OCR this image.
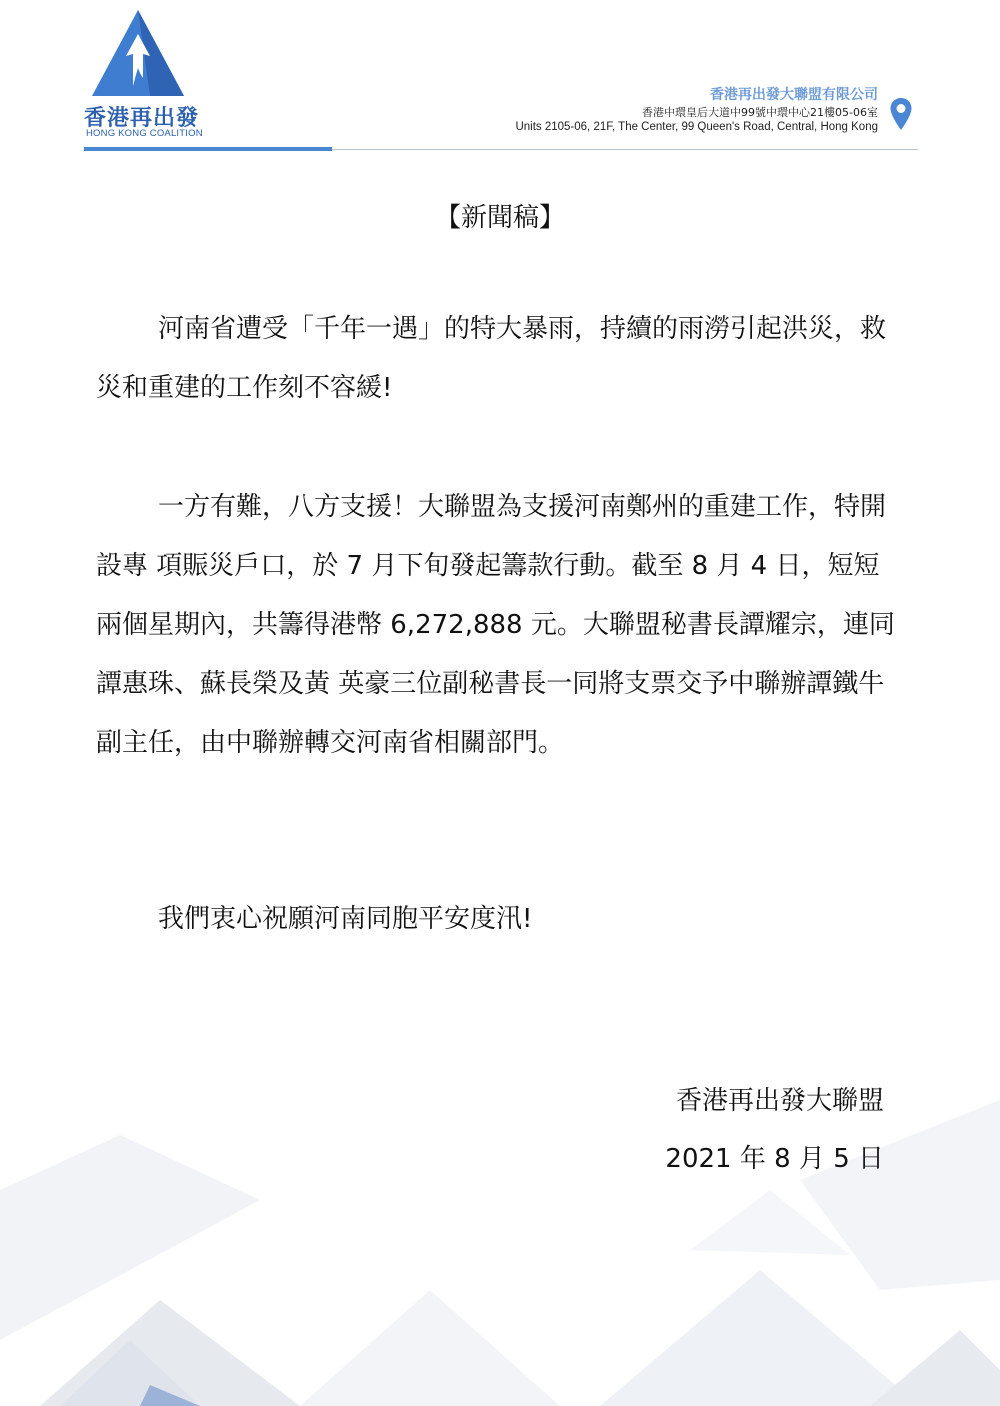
香港再出發
HONG KONG COALITION
香港再出發大聯盟有限公司
香港中環皇后大道中99號中環中心21樓05-06室
Units 2105-06, 21F, The Center, 99 Queen's Road, Central, Hong Kong
【新聞稿】
河南省遭受「千年一遇」的特大暴雨，持續的雨澇引起洪災，救災和重建的工作刻不容緩!
一方有難，八方支援！大聯盟為支援河南鄭州的重建工作，特開設專 項賑災戶口，於 7 月下旬發起籌款行動。截至 8 月 4 日，短短兩個星期內，共籌得港幣 6,272,888 元。大聯盟秘書長譚耀宗，連同譚惠珠、蘇長榮及黃 英豪三位副秘書長一同將支票交予中聯辦譚鐵牛副主任，由中聯辦轉交河南省相關部門。
我們衷心祝願河南同胞平安度汛!
香港再出發大聯盟
2021 年 8 月 5 日
